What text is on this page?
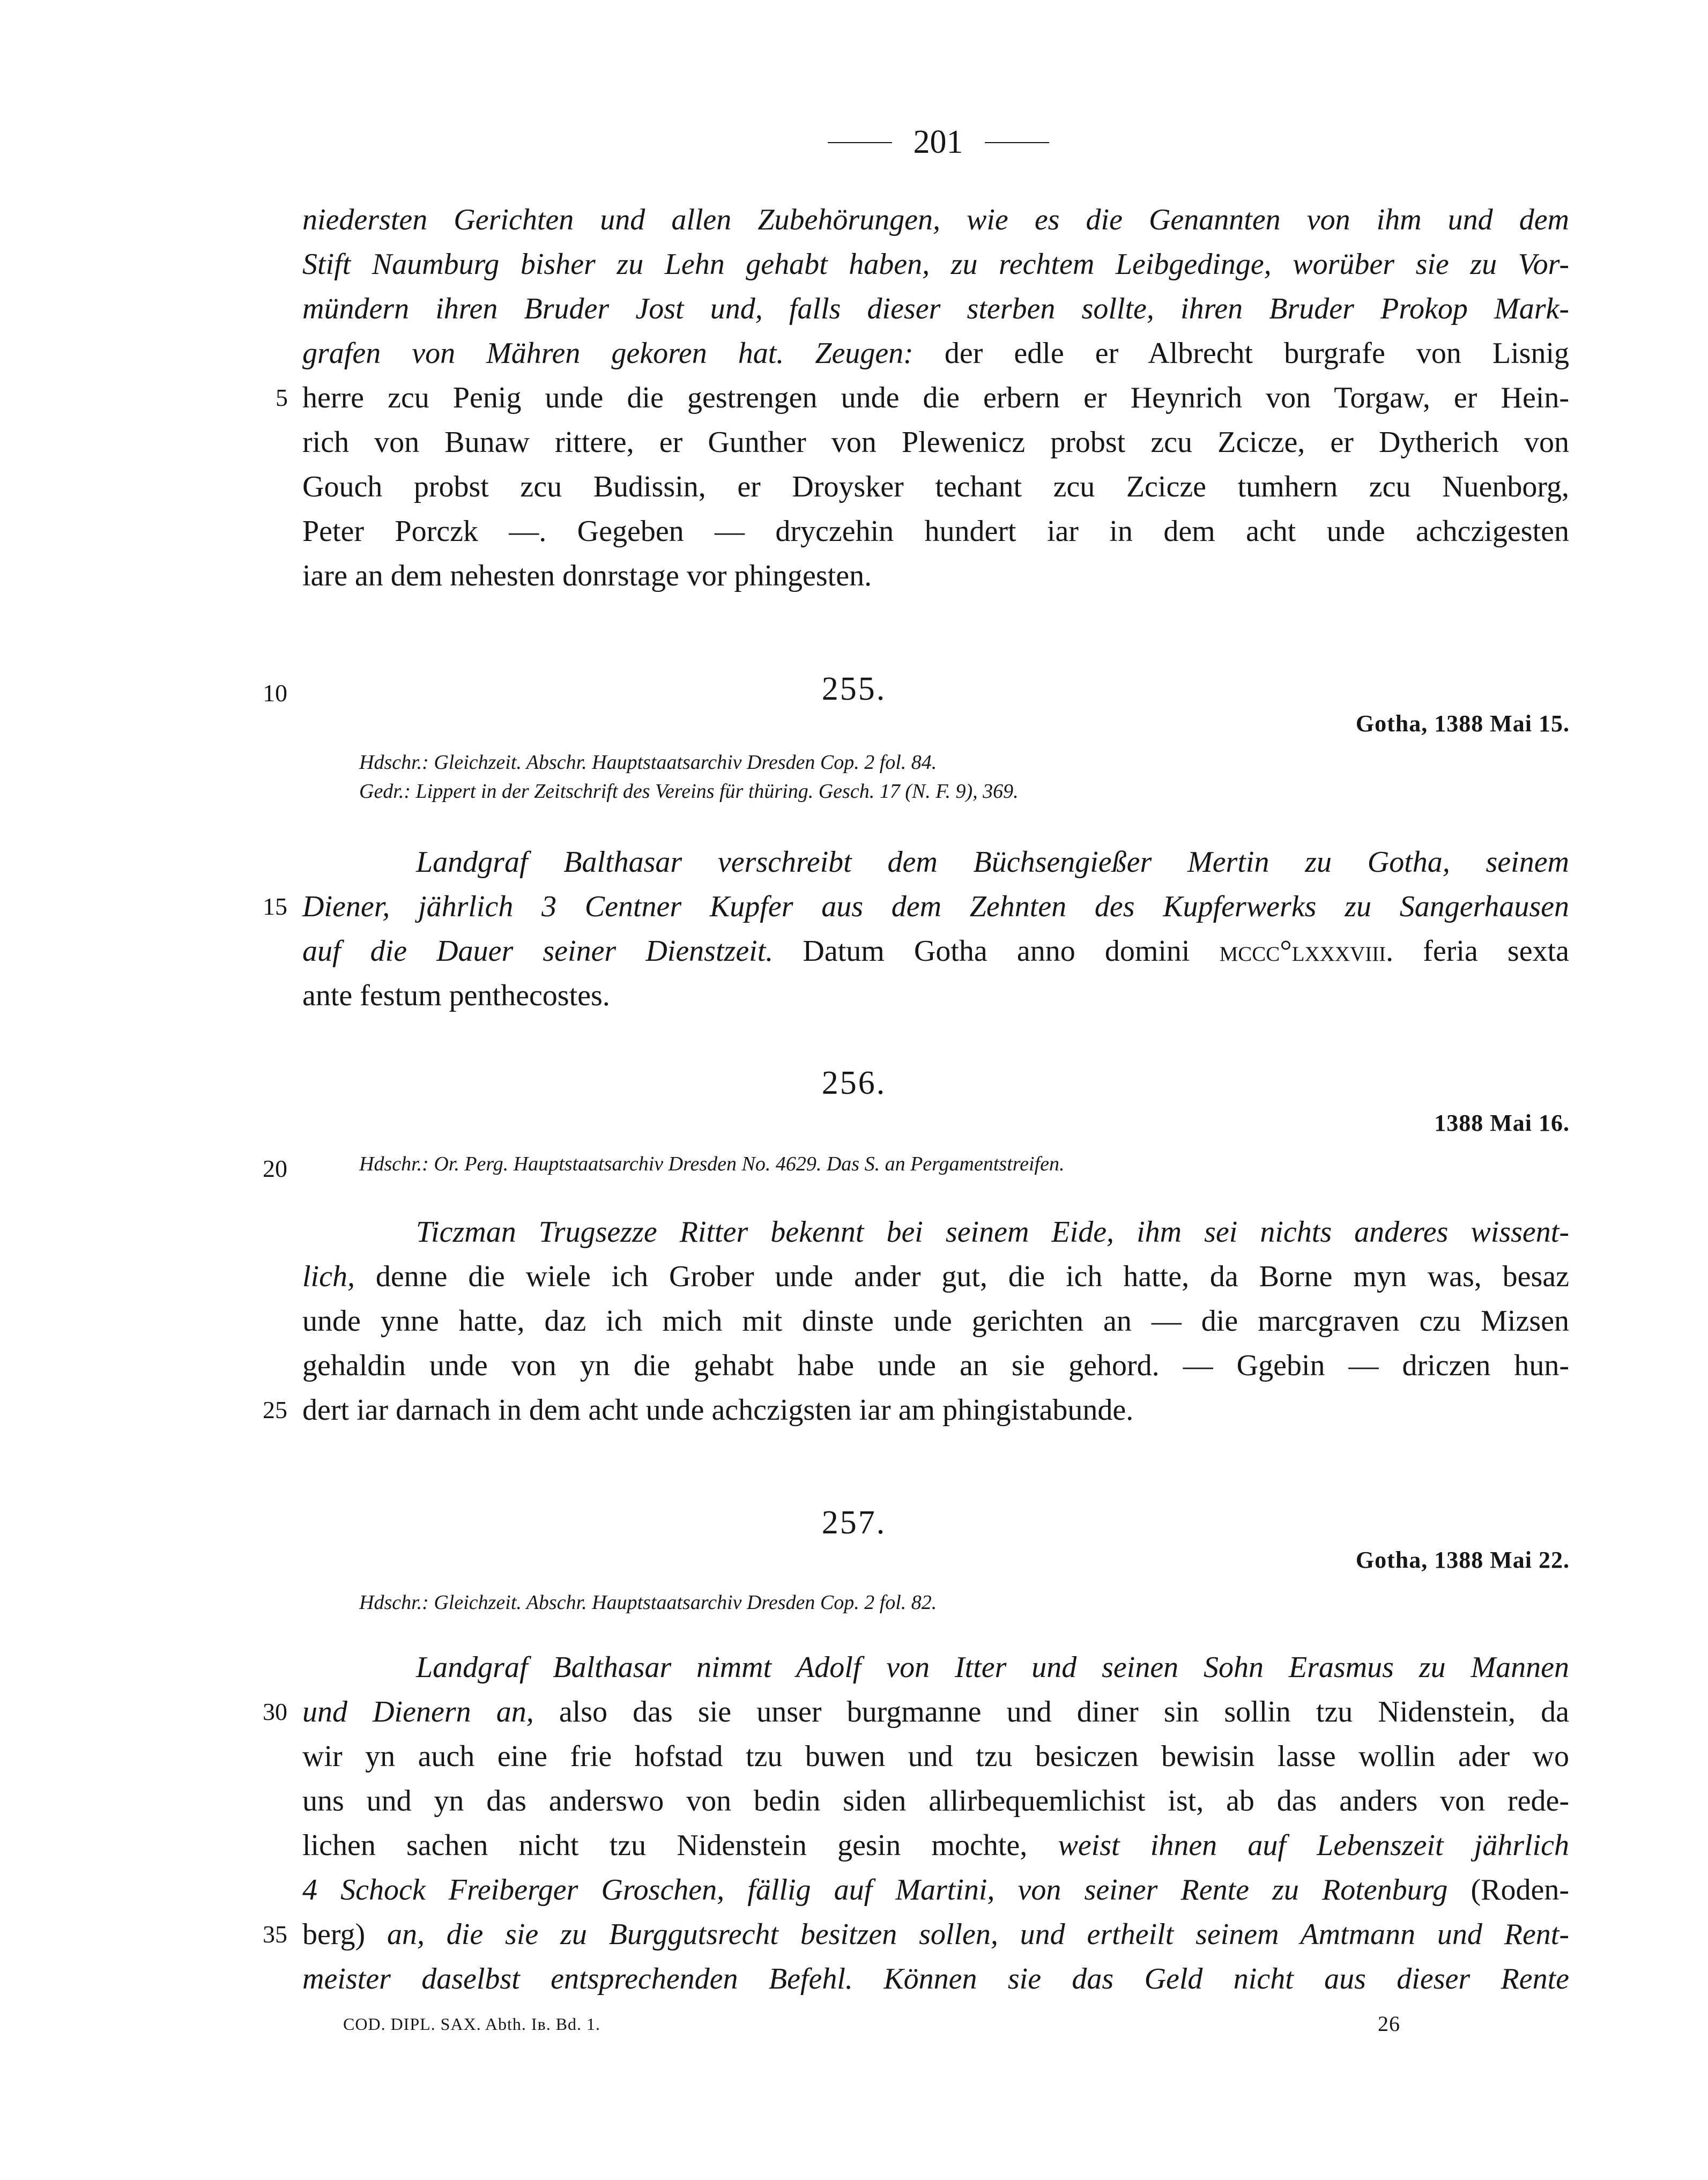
201
niedersten Gerichten und allen Zubehörungen, wie es die Genannten von ihm und dem
Stift Naumburg bisher zu Lehn gehabt haben, zu rechtem Leibgedinge, worüber sie zu Vor-
mündern ihren Bruder Jost und, falls dieser sterben sollte, ihren Bruder Prokop Mark-
grafen von Mähren gekoren hat. Zeugen: der edle er Albrecht burgrafe von Lisnig
herre zcu Penig unde die gestrengen unde die erbern er Heynrich von Torgaw, er Hein-
rich von Bunaw rittere, er Gunther von Plewenicz probst zcu Zcicze, er Dytherich von
Gouch probst zcu Budissin, er Droysker techant zcu Zcicze tumhern zcu Nuenborg,
Peter Porczk —. Gegeben — dryczehin hundert iar in dem acht unde achczigesten
iare an dem nehesten donrstage vor phingesten.
255.
Gotha, 1388 Mai 15.
Hdschr.: Gleichzeit. Abschr. Hauptstaatsarchiv Dresden Cop. 2 fol. 84.
Gedr.: Lippert in der Zeitschrift des Vereins für thüring. Gesch. 17 (N. F. 9), 369.
Landgraf Balthasar verschreibt dem Büchsengießer Mertin zu Gotha, seinem
Diener, jährlich 3 Centner Kupfer aus dem Zehnten des Kupferwerks zu Sangerhausen
auf die Dauer seiner Dienstzeit. Datum Gotha anno domini mccc°lxxxviii. feria sexta
ante festum penthecostes.
256.
1388 Mai 16.
Hdschr.: Or. Perg. Hauptstaatsarchiv Dresden No. 4629. Das S. an Pergamentstreifen.
Ticzman Trugsezze Ritter bekennt bei seinem Eide, ihm sei nichts anderes wissent-
lich, denne die wiele ich Grober unde ander gut, die ich hatte, da Borne myn was, besaz
unde ynne hatte, daz ich mich mit dinste unde gerichten an — die marcgraven czu Mizsen
gehaldin unde von yn die gehabt habe unde an sie gehord. — Ggebin — driczen hun-
dert iar darnach in dem acht unde achczigsten iar am phingistabunde.
257.
Gotha, 1388 Mai 22.
Hdschr.: Gleichzeit. Abschr. Hauptstaatsarchiv Dresden Cop. 2 fol. 82.
Landgraf Balthasar nimmt Adolf von Itter und seinen Sohn Erasmus zu Mannen
und Dienern an, also das sie unser burgmanne und diner sin sollin tzu Nidenstein, da
wir yn auch eine frie hofstad tzu buwen und tzu besiczen bewisin lasse wollin ader wo
uns und yn das anderswo von bedin siden allirbequemlichist ist, ab das anders von rede-
lichen sachen nicht tzu Nidenstein gesin mochte, weist ihnen auf Lebenszeit jährlich
4 Schock Freiberger Groschen, fällig auf Martini, von seiner Rente zu Rotenburg (Roden-
berg) an, die sie zu Burggutsrecht besitzen sollen, und ertheilt seinem Amtmann und Rent-
meister daselbst entsprechenden Befehl. Können sie das Geld nicht aus dieser Rente
5
10
15
20
25
30
35
COD. DIPL. SAX. Abth. Iв. Bd. 1.	26
